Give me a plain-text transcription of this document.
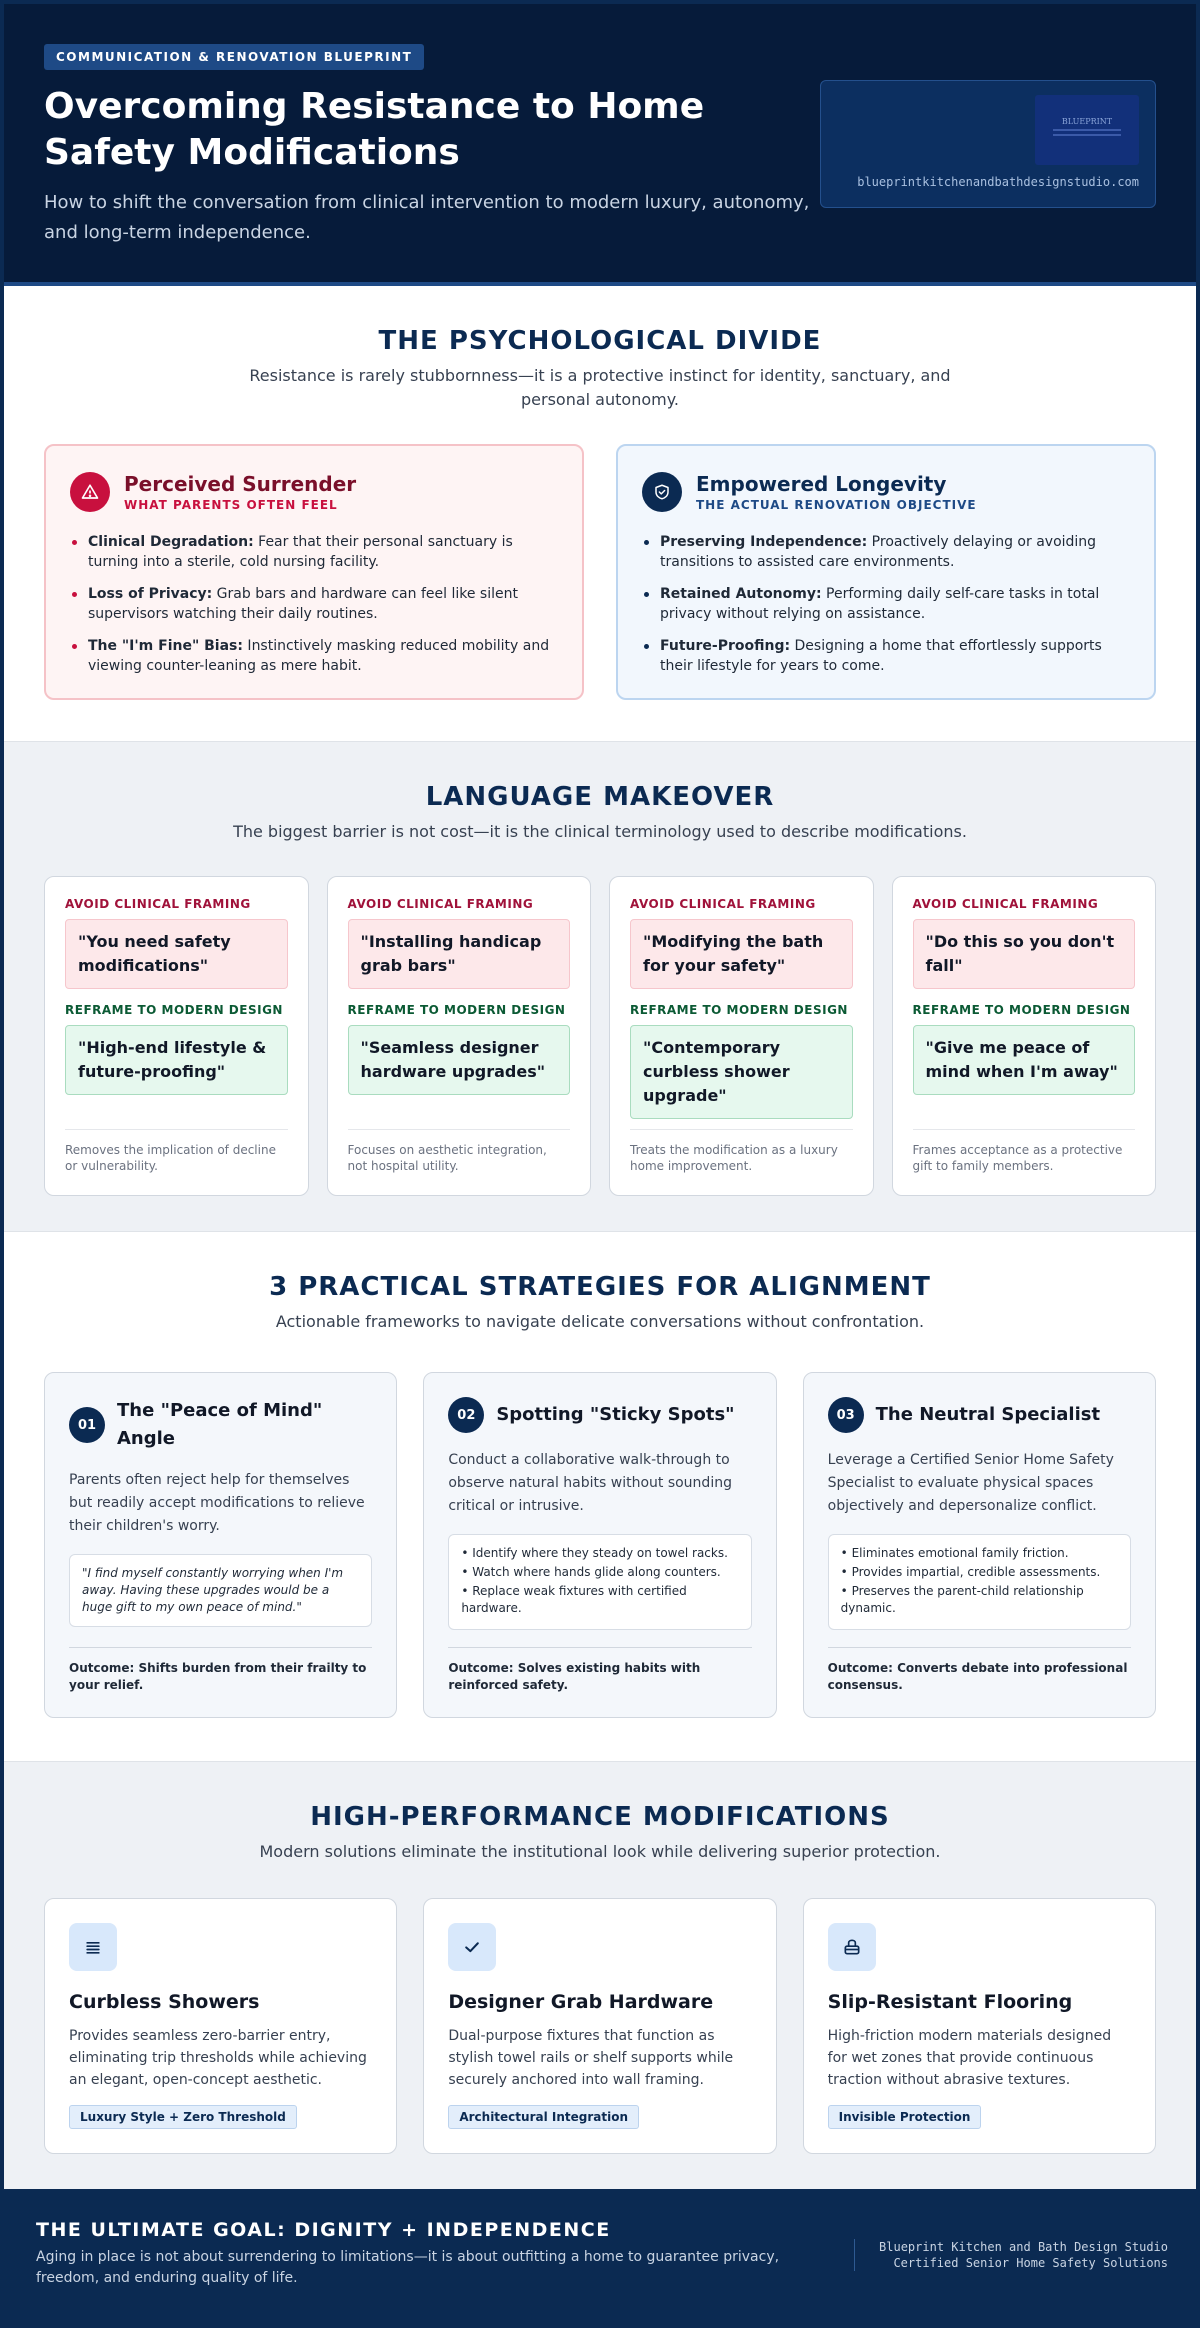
COMMUNICATION & RENOVATION BLUEPRINT
Overcoming Resistance to Home Safety Modifications

How to shift the conversation from clinical intervention to modern luxury, autonomy, and long-term independence.

BLUEPRINT
blueprintkitchenandbathdesignstudio.com
THE PSYCHOLOGICAL DIVIDE

Resistance is rarely stubbornness—it is a protective instinct for identity, sanctuary, and personal autonomy.

Perceived Surrender
WHAT PARENTS OFTEN FEEL
Clinical Degradation: Fear that their personal sanctuary is turning into a sterile, cold nursing facility.
Loss of Privacy: Grab bars and hardware can feel like silent supervisors watching their daily routines.
The "I'm Fine" Bias: Instinctively masking reduced mobility and viewing counter-leaning as mere habit.
Empowered Longevity
THE ACTUAL RENOVATION OBJECTIVE
Preserving Independence: Proactively delaying or avoiding transitions to assisted care environments.
Retained Autonomy: Performing daily self-care tasks in total privacy without relying on assistance.
Future-Proofing: Designing a home that effortlessly supports their lifestyle for years to come.
LANGUAGE MAKEOVER

The biggest barrier is not cost—it is the clinical terminology used to describe modifications.

AVOID CLINICAL FRAMING
"You need safety modifications"
REFRAME TO MODERN DESIGN
"High-end lifestyle & future-proofing"
Removes the implication of decline or vulnerability.
AVOID CLINICAL FRAMING
"Installing handicap grab bars"
REFRAME TO MODERN DESIGN
"Seamless designer hardware upgrades"
Focuses on aesthetic integration, not hospital utility.
AVOID CLINICAL FRAMING
"Modifying the bath for your safety"
REFRAME TO MODERN DESIGN
"Contemporary curbless shower upgrade"
Treats the modification as a luxury home improvement.
AVOID CLINICAL FRAMING
"Do this so you don't fall"
REFRAME TO MODERN DESIGN
"Give me peace of mind when I'm away"
Frames acceptance as a protective gift to family members.
3 PRACTICAL STRATEGIES FOR ALIGNMENT

Actionable frameworks to navigate delicate conversations without confrontation.

01
The "Peace of Mind" Angle

Parents often reject help for themselves but readily accept modifications to relieve their children's worry.

"I find myself constantly worrying when I'm away. Having these upgrades would be a huge gift to my own peace of mind."
Outcome: Shifts burden from their frailty to your relief.
02	Spotting "Sticky Spots"

Conduct a collaborative walk-through to observe natural habits without sounding critical or intrusive.

• Identify where they steady on towel racks.
• Watch where hands glide along counters.
• Replace weak fixtures with certified hardware.
Outcome: Solves existing habits with reinforced safety.
03	The Neutral Specialist

Leverage a Certified Senior Home Safety Specialist to evaluate physical spaces objectively and depersonalize conflict.

• Eliminates emotional family friction.
• Provides impartial, credible assessments.
• Preserves the parent-child relationship dynamic.
Outcome: Converts debate into professional consensus.
HIGH-PERFORMANCE MODIFICATIONS

Modern solutions eliminate the institutional look while delivering superior protection.

Curbless Showers

Provides seamless zero-barrier entry, eliminating trip thresholds while achieving an elegant, open-concept aesthetic.

Luxury Style + Zero Threshold
Designer Grab Hardware

Dual-purpose fixtures that function as stylish towel rails or shelf supports while securely anchored into wall framing.

Architectural Integration
Slip-Resistant Flooring

High-friction modern materials designed for wet zones that provide continuous traction without abrasive textures.

Invisible Protection
THE ULTIMATE GOAL: DIGNITY + INDEPENDENCE

Aging in place is not about surrendering to limitations—it is about outfitting a home to guarantee privacy, freedom, and enduring quality of life.

Blueprint Kitchen and Bath Design Studio
Certified Senior Home Safety Solutions
